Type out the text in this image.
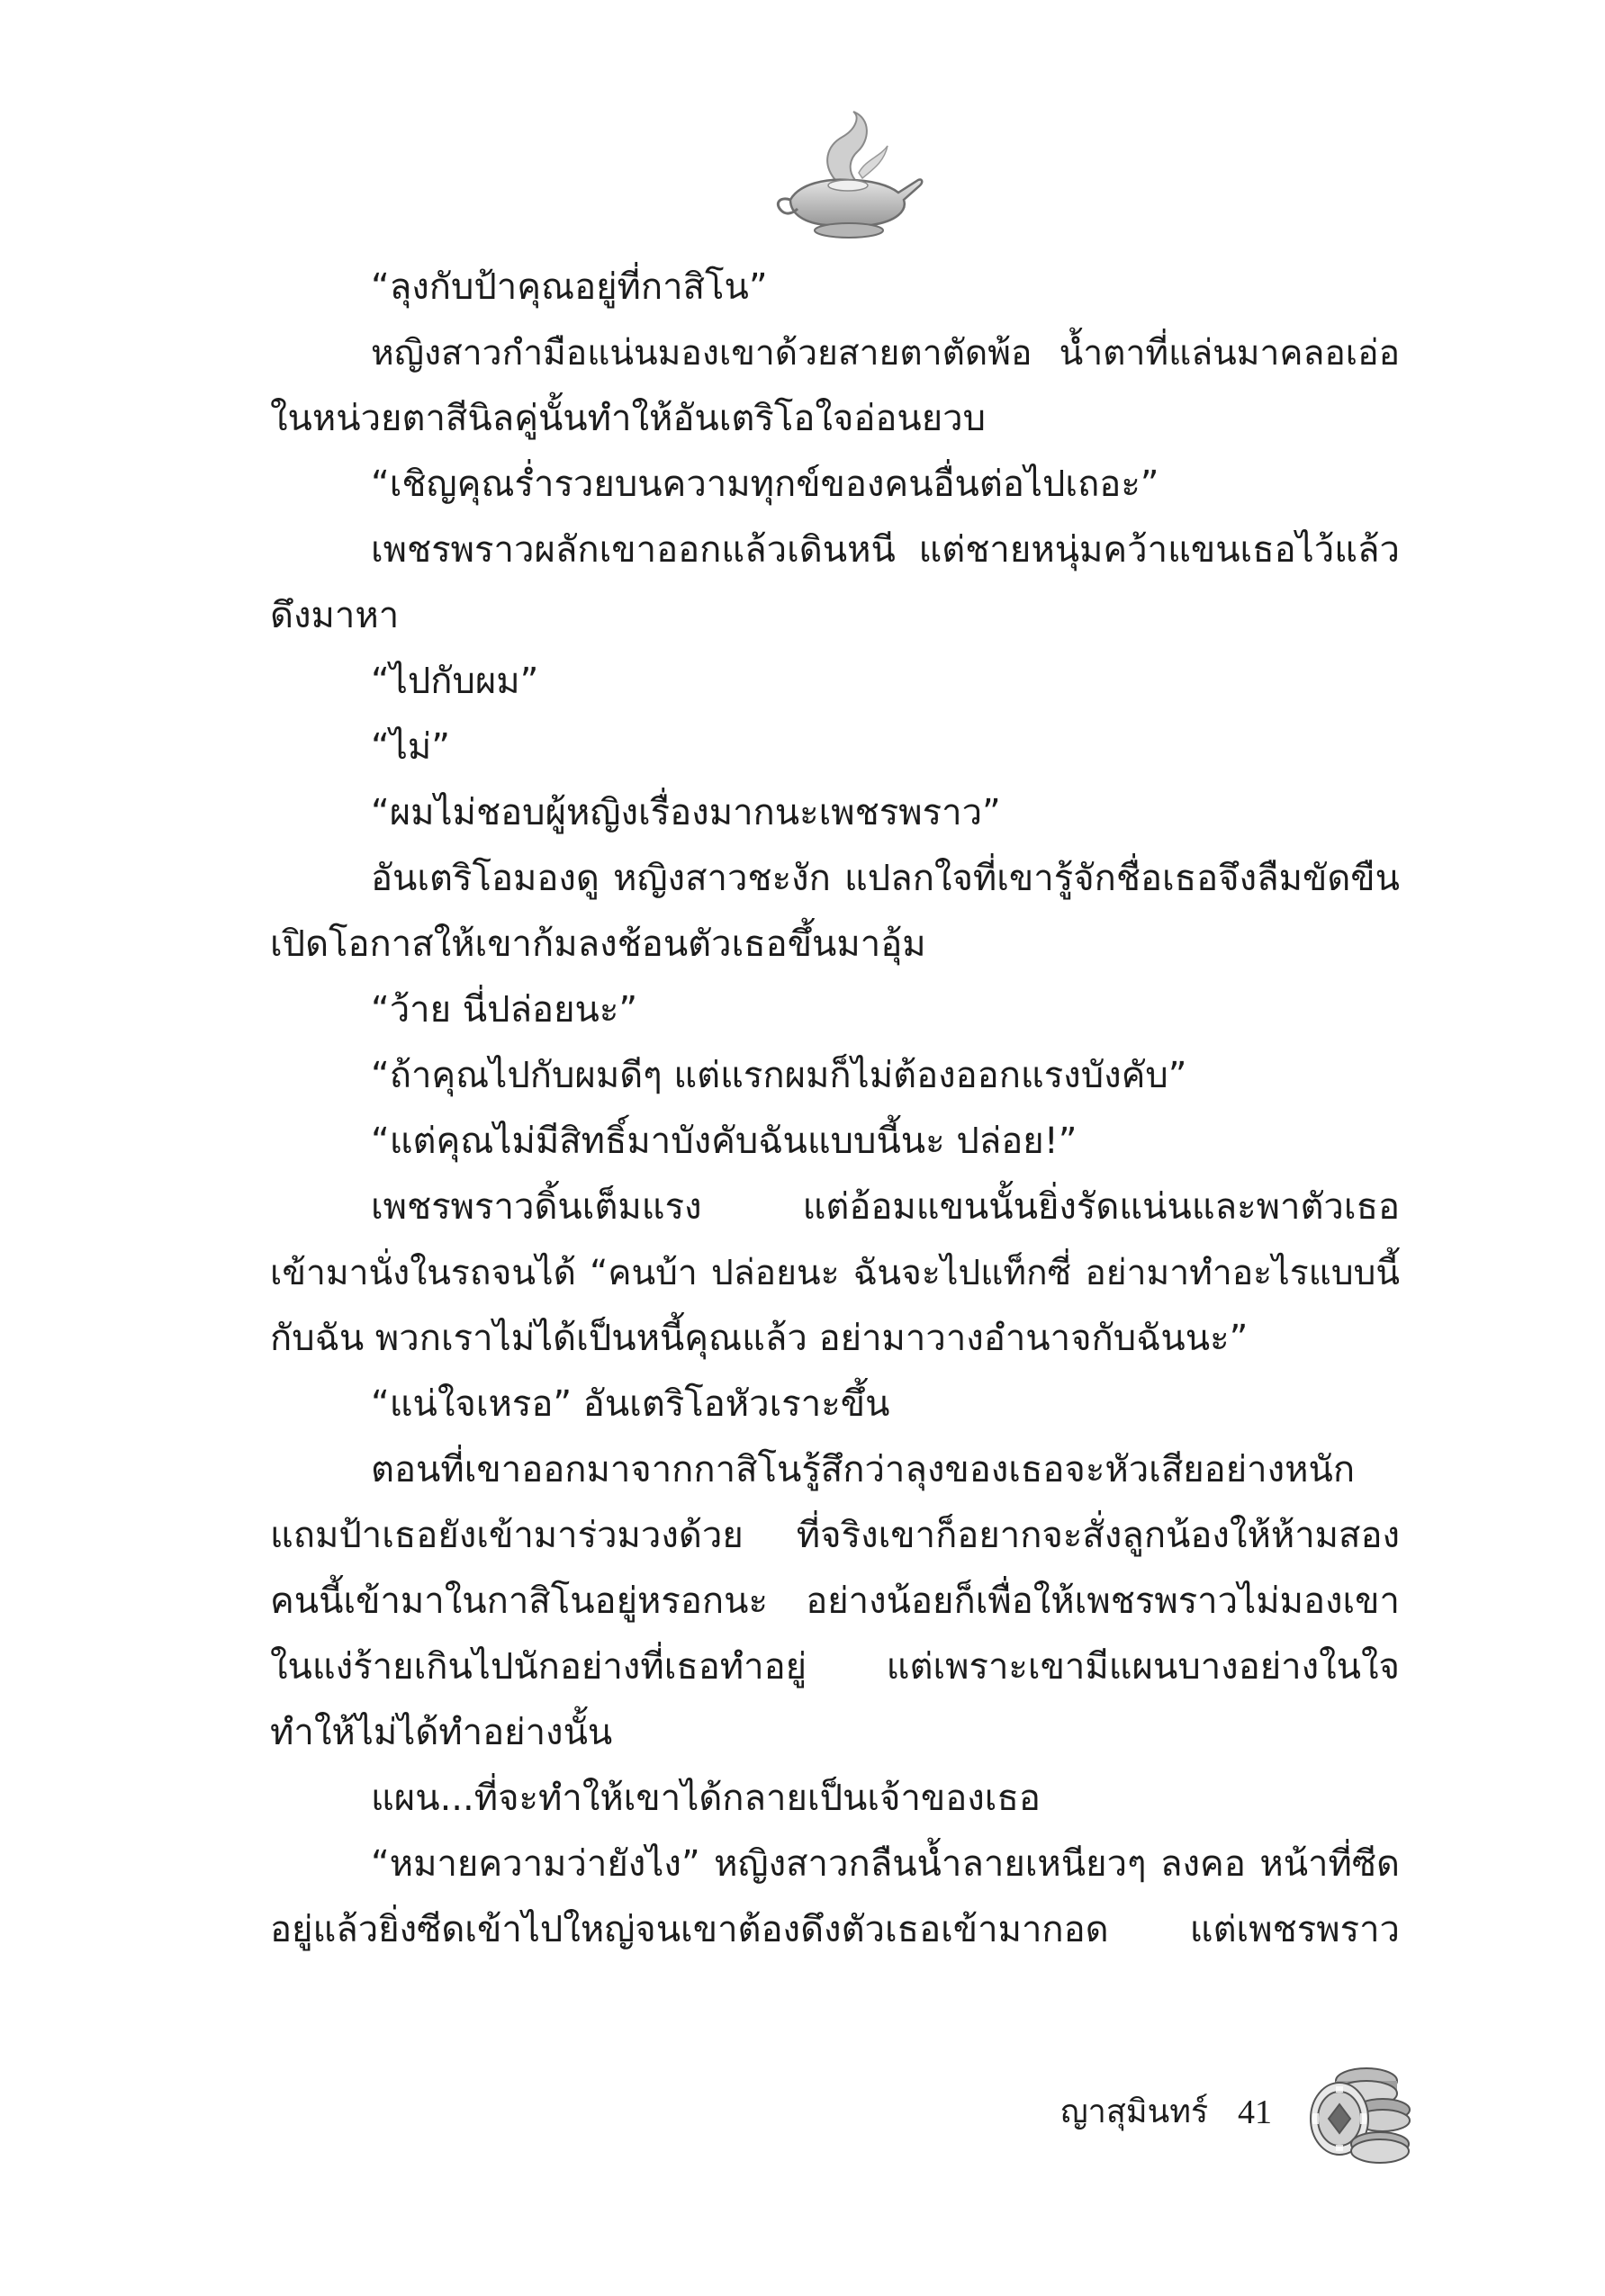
“ลุงกับป้าคุณอยู่ที่กาสิโน”
หญิงสาวกำมือแน่นมองเขาด้วยสายตาตัดพ้อ น้ำตาที่แล่นมาคลอเอ่อ
ในหน่วยตาสีนิลคู่นั้นทำให้อันเตริโอใจอ่อนยวบ
“เชิญคุณร่ำรวยบนความทุกข์ของคนอื่นต่อไปเถอะ”
เพชรพราวผลักเขาออกแล้วเดินหนี แต่ชายหนุ่มคว้าแขนเธอไว้แล้ว
ดึงมาหา
“ไปกับผม”
“ไม่”
“ผมไม่ชอบผู้หญิงเรื่องมากนะเพชรพราว”
อันเตริโอมองดู หญิงสาวชะงัก แปลกใจที่เขารู้จักชื่อเธอจึงลืมขัดขืน
เปิดโอกาสให้เขาก้มลงช้อนตัวเธอขึ้นมาอุ้ม
“ว้าย นี่ปล่อยนะ”
“ถ้าคุณไปกับผมดีๆ แต่แรกผมก็ไม่ต้องออกแรงบังคับ”
“แต่คุณไม่มีสิทธิ์มาบังคับฉันแบบนี้นะ ปล่อย!”
เพชรพราวดิ้นเต็มแรง แต่อ้อมแขนนั้นยิ่งรัดแน่นและพาตัวเธอ
เข้ามานั่งในรถจนได้ “คนบ้า ปล่อยนะ ฉันจะไปแท็กซี่ อย่ามาทำอะไรแบบนี้
กับฉัน พวกเราไม่ได้เป็นหนี้คุณแล้ว อย่ามาวางอำนาจกับฉันนะ”
“แน่ใจเหรอ” อันเตริโอหัวเราะขึ้น
ตอนที่เขาออกมาจากกาสิโนรู้สึกว่าลุงของเธอจะหัวเสียอย่างหนัก
แถมป้าเธอยังเข้ามาร่วมวงด้วย ที่จริงเขาก็อยากจะสั่งลูกน้องให้ห้ามสอง
คนนี้เข้ามาในกาสิโนอยู่หรอกนะ อย่างน้อยก็เพื่อให้เพชรพราวไม่มองเขา
ในแง่ร้ายเกินไปนักอย่างที่เธอทำอยู่ แต่เพราะเขามีแผนบางอย่างในใจ
ทำให้ไม่ได้ทำอย่างนั้น
แผน...ที่จะทำให้เขาได้กลายเป็นเจ้าของเธอ
“หมายความว่ายังไง” หญิงสาวกลืนน้ำลายเหนียวๆ ลงคอ หน้าที่ซีด
อยู่แล้วยิ่งซีดเข้าไปใหญ่จนเขาต้องดึงตัวเธอเข้ามากอด แต่เพชรพราว
ญาสุมินทร์ 41
